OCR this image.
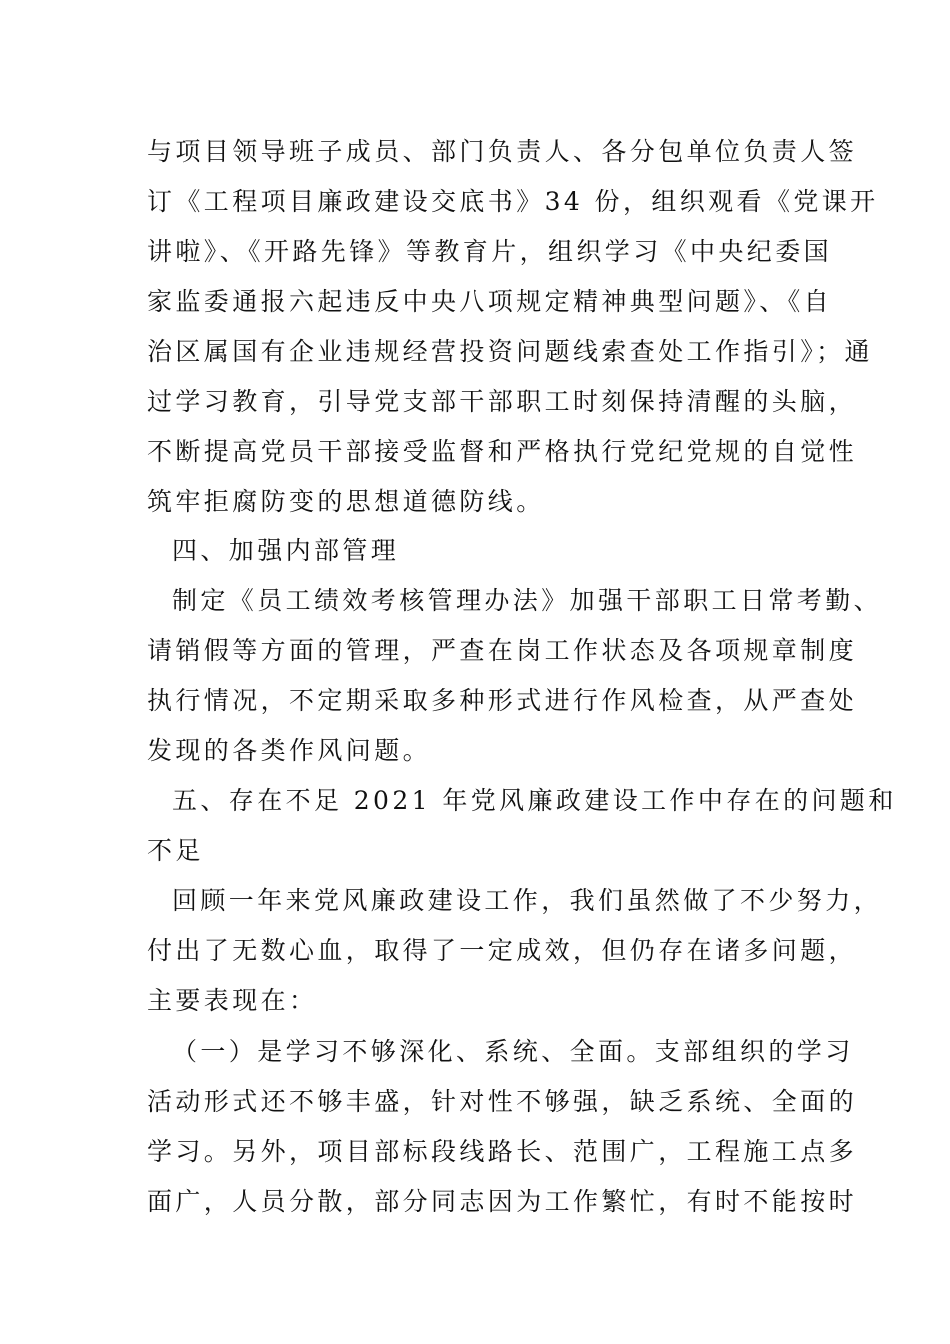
与项目领导班子成员、部门负责人、各分包单位负责人签
订《工程项目廉政建设交底书》34 份，组织观看《党课开
讲啦》、《开路先锋》等教育片，组织学习《中央纪委国
家监委通报六起违反中央八项规定精神典型问题》、《自
治区属国有企业违规经营投资问题线索查处工作指引》；通
过学习教育，引导党支部干部职工时刻保持清醒的头脑，
不断提高党员干部接受监督和严格执行党纪党规的自觉性
筑牢拒腐防变的思想道德防线。
四、加强内部管理
制定《员工绩效考核管理办法》加强干部职工日常考勤、
请销假等方面的管理，严查在岗工作状态及各项规章制度
执行情况，不定期采取多种形式进行作风检查，从严查处
发现的各类作风问题。
五、存在不足 2021 年党风廉政建设工作中存在的问题和
不足
回顾一年来党风廉政建设工作，我们虽然做了不少努力，
付出了无数心血，取得了一定成效，但仍存在诸多问题，
主要表现在：
（一）是学习不够深化、系统、全面。支部组织的学习
活动形式还不够丰盛，针对性不够强，缺乏系统、全面的
学习。另外，项目部标段线路长、范围广，工程施工点多
面广，人员分散，部分同志因为工作繁忙，有时不能按时
